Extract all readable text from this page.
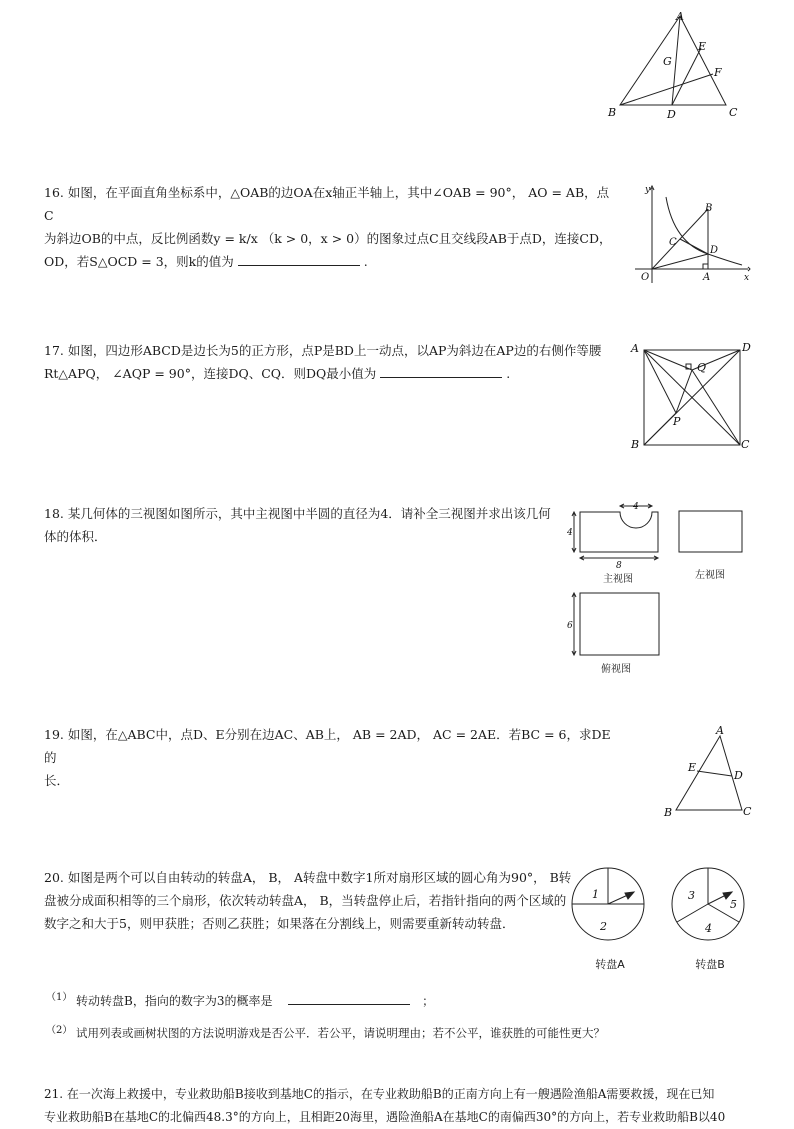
A
B	C
D
E
F
G
16. 如图，在平面直角坐标系中，△OAB的边OA在x轴正半轴上，其中∠OAB = 90°， AO = AB，点C
为斜边OB的中点，反比例函数y = k/x （k > 0，x > 0）的图象过点C且交线段AB于点D，连接CD，
OD，若S△OCD = 3，则k的值为	.
y
x
O	A
B
C
D
17. 如图，四边形ABCD是边长为5的正方形，点P是BD上一动点，以AP为斜边在AP边的右侧作等腰
Rt△APQ， ∠AQP = 90°，连接DQ、CQ．则DQ最小值为	.
A
B	C
D
P
Q
18. 某几何体的三视图如图所示，其中主视图中半圆的直径为4．请补全三视图并求出该几何
体的体积．
4
4
8
主视图	左视图
6
俯视图
19. 如图，在△ABC中，点D、E分别在边AC、AB上， AB = 2AD， AC = 2AE．若BC = 6，求DE的
长．
A
B	C
D
E
20. 如图是两个可以自由转动的转盘A， B， A转盘中数字1所对扇形区域的圆心角为90°， B转
盘被分成面积相等的三个扇形，依次转动转盘A， B，当转盘停止后，若指针指向的两个区域的
数字之和大于5，则甲获胜；否则乙获胜；如果落在分割线上，则需要重新转动转盘．
1
2
转盘A
3
5
4
转盘B
（1） 转动转盘B，指向的数字为3的概率是	；
（2） 试用列表或画树状图的方法说明游戏是否公平．若公平，请说明理由；若不公平，谁获胜的可能性更大？
21. 在一次海上救援中，专业救助船B接收到基地C的指示，在专业救助船B的正南方向上有一艘遇险渔船A需要救援，现在已知
专业救助船B在基地C的北偏西48.3°的方向上，且相距20海里，遇险渔船A在基地C的南偏西30°的方向上，若专业救助船B以40
